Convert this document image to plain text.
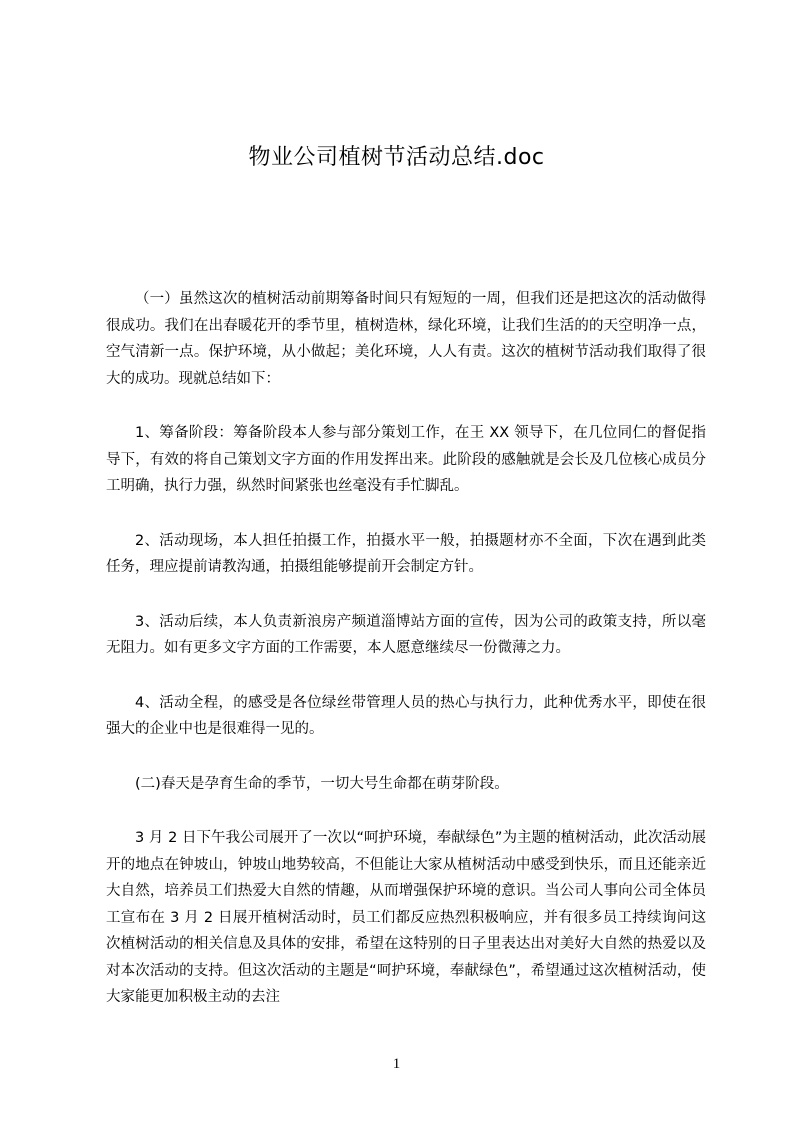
物业公司植树节活动总结.doc

（一）虽然这次的植树活动前期筹备时间只有短短的一周，但我们还是把这次的活动做得很成功。我们在出春暖花开的季节里，植树造林，绿化环境，让我们生活的的天空明净一点，空气清新一点。保护环境，从小做起；美化环境，人人有责。这次的植树节活动我们取得了很大的成功。现就总结如下：

1、筹备阶段：筹备阶段本人参与部分策划工作，在王 XX 领导下，在几位同仁的督促指导下，有效的将自己策划文字方面的作用发挥出来。此阶段的感触就是会长及几位核心成员分工明确，执行力强，纵然时间紧张也丝毫没有手忙脚乱。

2、活动现场，本人担任拍摄工作，拍摄水平一般，拍摄题材亦不全面，下次在遇到此类任务，理应提前请教沟通，拍摄组能够提前开会制定方针。

3、活动后续，本人负责新浪房产频道淄博站方面的宣传，因为公司的政策支持，所以毫无阻力。如有更多文字方面的工作需要，本人愿意继续尽一份微薄之力。

4、活动全程，的感受是各位绿丝带管理人员的热心与执行力，此种优秀水平，即使在很强大的企业中也是很难得一见的。

(二)春天是孕育生命的季节，一切大号生命都在萌芽阶段。

3 月 2 日下午我公司展开了一次以“呵护环境，奉献绿色”为主题的植树活动，此次活动展开的地点在钟坡山，钟坡山地势较高，不但能让大家从植树活动中感受到快乐，而且还能亲近大自然，培养员工们热爱大自然的情趣，从而增强保护环境的意识。当公司人事向公司全体员工宣布在 3 月 2 日展开植树活动时，员工们都反应热烈积极响应，并有很多员工持续询问这次植树活动的相关信息及具体的安排，希望在这特别的日子里表达出对美好大自然的热爱以及对本次活动的支持。但这次活动的主题是“呵护环境，奉献绿色”，希望通过这次植树活动，使大家能更加积极主动的去注

1
